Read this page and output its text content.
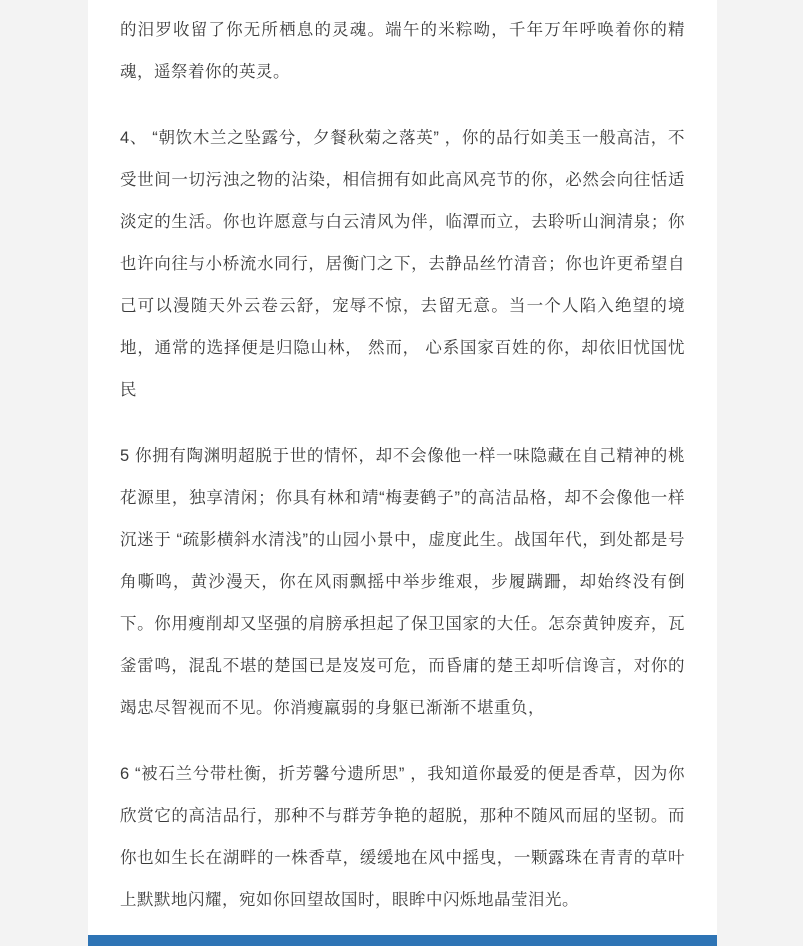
的汨罗收留了你无所栖息的灵魂。端午的米粽呦，千年万年呼唤着你的精魂，遥祭着你的英灵。

4、 “朝饮木兰之坠露兮，夕餐秋菊之落英” ，你的品行如美玉一般高洁，不受世间一切污浊之物的沾染，相信拥有如此高风亮节的你，必然会向往恬适淡定的生活。你也许愿意与白云清风为伴，临潭而立，去聆听山涧清泉；你也许向往与小桥流水同行，居衡门之下，去静品丝竹清音；你也许更希望自己可以漫随天外云卷云舒，宠辱不惊，去留无意。当一个人陷入绝望的境地，通常的选择便是归隐山林， 然而， 心系国家百姓的你，却依旧忧国忧民

5 你拥有陶渊明超脱于世的情怀，却不会像他一样一味隐藏在自己精神的桃花源里，独享清闲；你具有林和靖“梅妻鹤子”的高洁品格，却不会像他一样沉迷于 “疏影横斜水清浅”的山园小景中，虚度此生。战国年代，到处都是号角嘶鸣，黄沙漫天，你在风雨飘摇中举步维艰，步履蹒跚，却始终没有倒下。你用瘦削却又坚强的肩膀承担起了保卫国家的大任。怎奈黄钟废弃，瓦釜雷鸣，混乱不堪的楚国已是岌岌可危，而昏庸的楚王却听信谗言，对你的竭忠尽智视而不见。你消瘦羸弱的身躯已渐渐不堪重负，

6 “被石兰兮带杜衡，折芳馨兮遗所思” ，我知道你最爱的便是香草，因为你欣赏它的高洁品行，那种不与群芳争艳的超脱，那种不随风而屈的坚韧。而你也如生长在湖畔的一株香草，缓缓地在风中摇曳，一颗露珠在青青的草叶上默默地闪耀，宛如你回望故国时，眼眸中闪烁地晶莹泪光。
